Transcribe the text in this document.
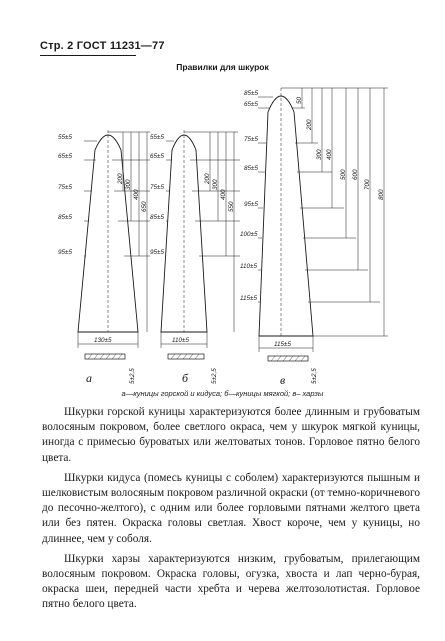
Стр. 2 ГОСТ 11231—77
Правилки для шкурок
55±5
65±5
75±5
85±5
95±5
200
300
400
650
130±5
а	5±2,5
55±5
65±5
75±5
85±5
95±5
200
300
400
550
110±5
б	5±2,5
85±5
65±5
75±5
85±5
95±5
100±5
110±5
115±5
50
200
300 400
500 600
700
800
115±5
в	5±2,5
а—куницы горской и кидуса; б—куницы мягкой; в– харзы

Шкурки горской куницы характеризуются более длинным и грубоватым волосяным покровом, более светлого окраса, чем у шкурок мягкой куницы, иногда с примесью буроватых или желтоватых тонов. Горловое пятно белого цвета.

Шкурки кидуса (помесь куницы с соболем) характеризуются пышным и шелковистым волосяным покровом различной окраски (от темно-коричневого до песочно-желтого), с одним или более горловыми пятнами желтого цвета или без пятен. Окраска головы светлая. Хвост короче, чем у куницы, но длиннее, чем у соболя.

Шкурки харзы характеризуются низким, грубоватым, прилегающим волосяным покровом. Окраска головы, огузка, хвоста и лап черно-бурая, окраска шеи, передней части хребта и черева желтозолотистая. Горловое пятно белого цвета.
